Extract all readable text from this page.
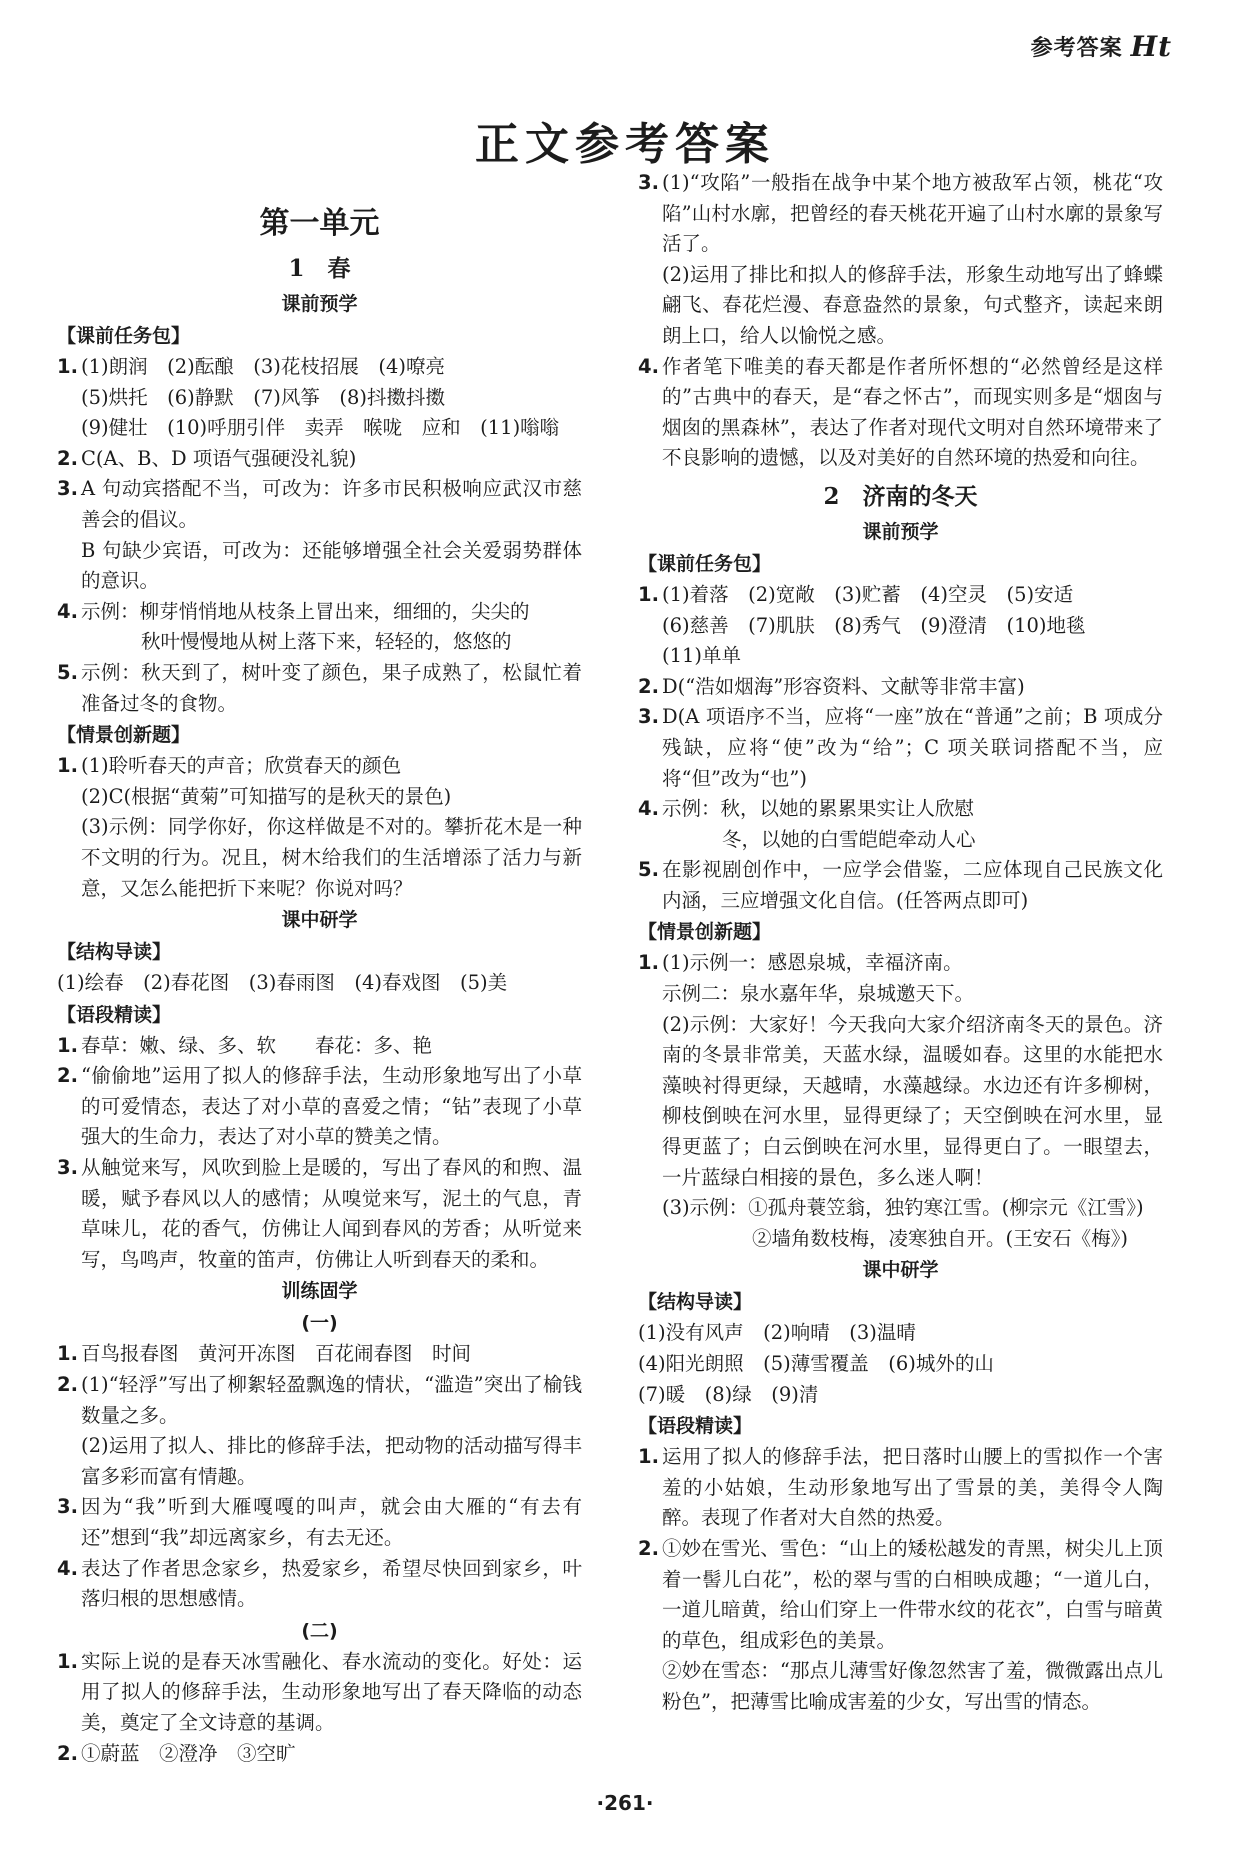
参考答案 Ht
正文参考答案
第一单元
1　春
课前预学
【课前任务包】
1. (1)朗润　(2)酝酿　(3)花枝招展　(4)嘹亮
(5)烘托　(6)静默　(7)风筝　(8)抖擞抖擞
(9)健壮　(10)呼朋引伴　卖弄　喉咙　应和　(11)嗡嗡
2. C(A、B、D 项语气强硬没礼貌)
3. A 句动宾搭配不当，可改为：许多市民积极响应武汉市慈善会的倡议。
B 句缺少宾语，可改为：还能够增强全社会关爱弱势群体的意识。
4. 示例：柳芽悄悄地从枝条上冒出来，细细的，尖尖的
秋叶慢慢地从树上落下来，轻轻的，悠悠的
5. 示例：秋天到了，树叶变了颜色，果子成熟了，松鼠忙着准备过冬的食物。
【情景创新题】
1. (1)聆听春天的声音；欣赏春天的颜色
(2)C(根据“黄菊”可知描写的是秋天的景色)
(3)示例：同学你好，你这样做是不对的。攀折花木是一种不文明的行为。况且，树木给我们的生活增添了活力与新意，又怎么能把折下来呢？你说对吗？
课中研学
【结构导读】
(1)绘春　(2)春花图　(3)春雨图　(4)春戏图　(5)美
【语段精读】
1. 春草：嫩、绿、多、软　　春花：多、艳
2. “偷偷地”运用了拟人的修辞手法，生动形象地写出了小草的可爱情态，表达了对小草的喜爱之情；“钻”表现了小草强大的生命力，表达了对小草的赞美之情。
3. 从触觉来写，风吹到脸上是暖的，写出了春风的和煦、温暖，赋予春风以人的感情；从嗅觉来写，泥土的气息，青草味儿，花的香气，仿佛让人闻到春风的芳香；从听觉来写，鸟鸣声，牧童的笛声，仿佛让人听到春天的柔和。
训练固学
(一)
1. 百鸟报春图　黄河开冻图　百花闹春图　时间
2. (1)“轻浮”写出了柳絮轻盈飘逸的情状，“滥造”突出了榆钱数量之多。
(2)运用了拟人、排比的修辞手法，把动物的活动描写得丰富多彩而富有情趣。
3. 因为“我”听到大雁嘎嘎的叫声，就会由大雁的“有去有还”想到“我”却远离家乡，有去无还。
4. 表达了作者思念家乡，热爱家乡，希望尽快回到家乡，叶落归根的思想感情。
(二)
1. 实际上说的是春天冰雪融化、春水流动的变化。好处：运用了拟人的修辞手法，生动形象地写出了春天降临的动态美，奠定了全文诗意的基调。
2. ①蔚蓝　②澄净　③空旷
3. (1)“攻陷”一般指在战争中某个地方被敌军占领，桃花“攻陷”山村水廓，把曾经的春天桃花开遍了山村水廓的景象写活了。
(2)运用了排比和拟人的修辞手法，形象生动地写出了蜂蝶翩飞、春花烂漫、春意盎然的景象，句式整齐，读起来朗朗上口，给人以愉悦之感。
4. 作者笔下唯美的春天都是作者所怀想的“必然曾经是这样的”古典中的春天，是“春之怀古”，而现实则多是“烟囱与烟囱的黑森林”，表达了作者对现代文明对自然环境带来了不良影响的遗憾，以及对美好的自然环境的热爱和向往。
2　济南的冬天
课前预学
【课前任务包】
1. (1)着落　(2)宽敞　(3)贮蓄　(4)空灵　(5)安适
(6)慈善　(7)肌肤　(8)秀气　(9)澄清　(10)地毯
(11)单单
2. D(“浩如烟海”形容资料、文献等非常丰富)
3. D(A 项语序不当，应将“一座”放在“普通”之前；B 项成分残缺，应将“使”改为“给”；C 项关联词搭配不当，应将“但”改为“也”)
4. 示例：秋，以她的累累果实让人欣慰
冬，以她的白雪皑皑牵动人心
5. 在影视剧创作中，一应学会借鉴，二应体现自己民族文化内涵，三应增强文化自信。(任答两点即可)
【情景创新题】
1. (1)示例一：感恩泉城，幸福济南。
示例二：泉水嘉年华，泉城邀天下。
(2)示例：大家好！今天我向大家介绍济南冬天的景色。济南的冬景非常美，天蓝水绿，温暖如春。这里的水能把水藻映衬得更绿，天越晴，水藻越绿。水边还有许多柳树，柳枝倒映在河水里，显得更绿了；天空倒映在河水里，显得更蓝了；白云倒映在河水里，显得更白了。一眼望去，一片蓝绿白相接的景色，多么迷人啊！
(3)示例：①孤舟蓑笠翁，独钓寒江雪。(柳宗元《江雪》)
②墙角数枝梅，凌寒独自开。(王安石《梅》)
课中研学
【结构导读】
(1)没有风声　(2)响晴　(3)温晴
(4)阳光朗照　(5)薄雪覆盖　(6)城外的山
(7)暖　(8)绿　(9)清
【语段精读】
1. 运用了拟人的修辞手法，把日落时山腰上的雪拟作一个害羞的小姑娘，生动形象地写出了雪景的美，美得令人陶醉。表现了作者对大自然的热爱。
2. ①妙在雪光、雪色：“山上的矮松越发的青黑，树尖儿上顶着一髻儿白花”，松的翠与雪的白相映成趣；“一道儿白，一道儿暗黄，给山们穿上一件带水纹的花衣”，白雪与暗黄的草色，组成彩色的美景。
②妙在雪态：“那点儿薄雪好像忽然害了羞，微微露出点儿粉色”，把薄雪比喻成害羞的少女，写出雪的情态。
·261·
